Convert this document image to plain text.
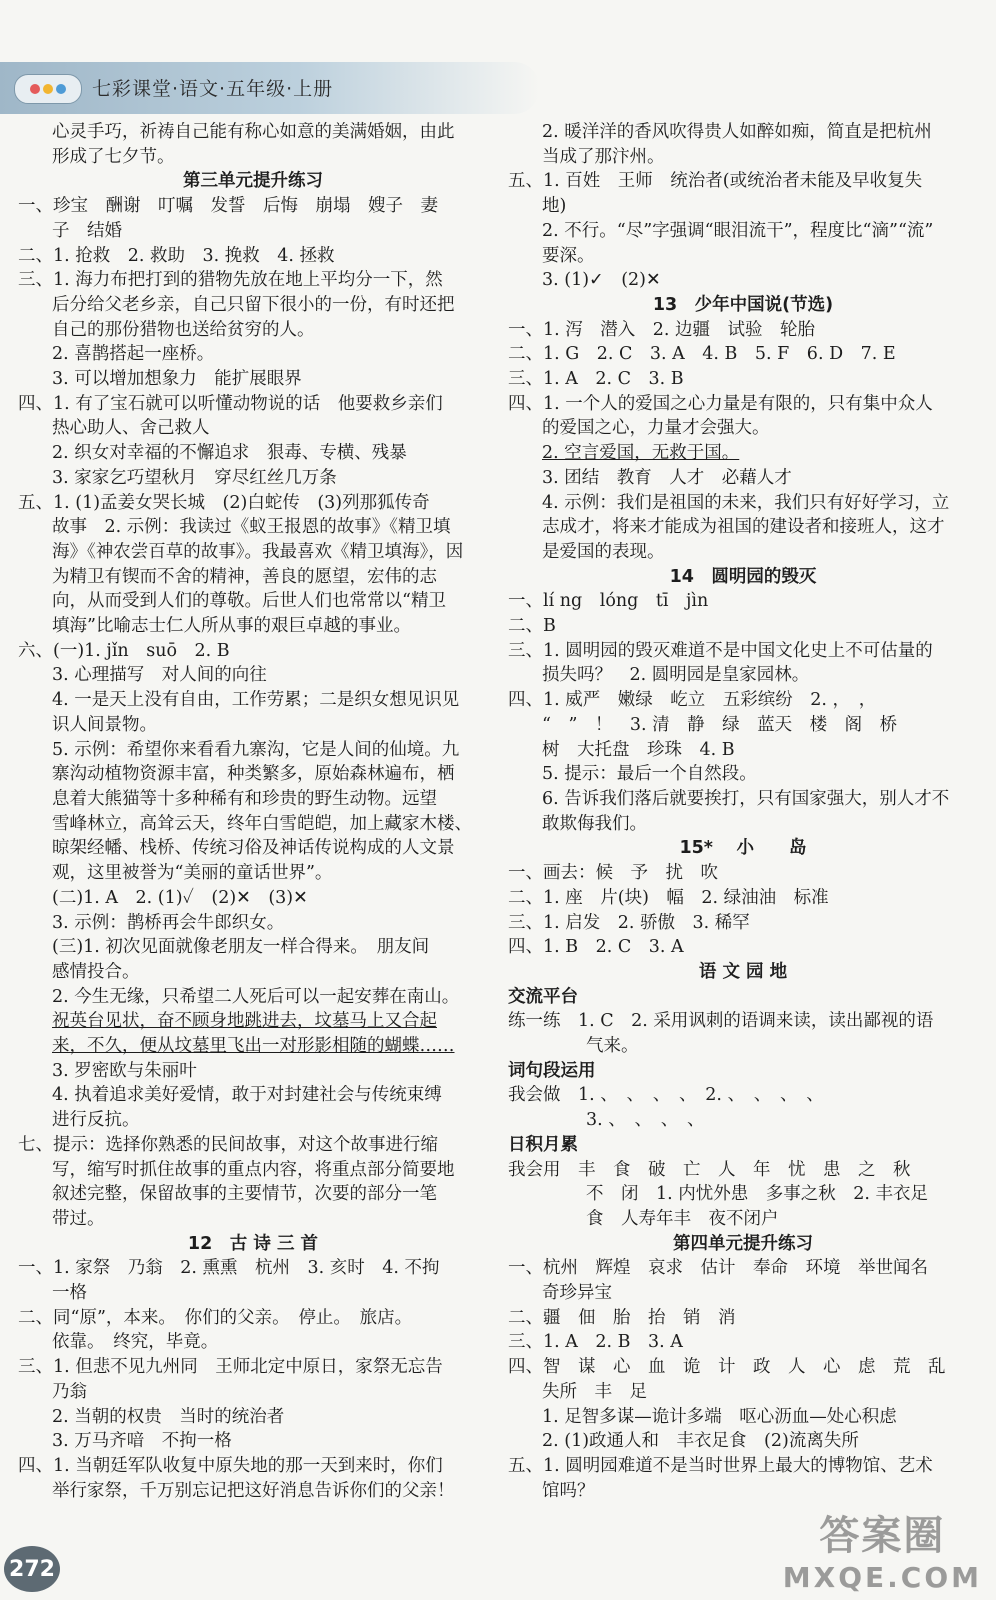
七彩课堂·语文·五年级·上册
心灵手巧，祈祷自己能有称心如意的美满婚姻，由此
形成了七夕节。
第三单元提升练习
一、珍宝　酬谢　叮嘱　发誓　后悔　崩塌　嫂子　妻
子　结婚
二、1. 抢救　2. 救助　3. 挽救　4. 拯救
三、1. 海力布把打到的猎物先放在地上平均分一下，然
后分给父老乡亲，自己只留下很小的一份，有时还把
自己的那份猎物也送给贫穷的人。
2. 喜鹊搭起一座桥。
3. 可以增加想象力　能扩展眼界
四、1. 有了宝石就可以听懂动物说的话　他要救乡亲们
热心助人、舍己救人
2. 织女对幸福的不懈追求　狠毒、专横、残暴
3. 家家乞巧望秋月　穿尽红丝几万条
五、1. (1)孟姜女哭长城　(2)白蛇传　(3)列那狐传奇
故事　2. 示例：我读过《蚁王报恩的故事》《精卫填
海》《神农尝百草的故事》。我最喜欢《精卫填海》，因
为精卫有锲而不舍的精神，善良的愿望，宏伟的志
向，从而受到人们的尊敬。后世人们也常常以“精卫
填海”比喻志士仁人所从事的艰巨卓越的事业。
六、(一)1. jǐn　suō　2. B
3. 心理描写　对人间的向往
4. 一是天上没有自由，工作劳累；二是织女想见识见
识人间景物。
5. 示例：希望你来看看九寨沟，它是人间的仙境。九
寨沟动植物资源丰富，种类繁多，原始森林遍布，栖
息着大熊猫等十多种稀有和珍贵的野生动物。远望
雪峰林立，高耸云天，终年白雪皑皑，加上藏家木楼、
晾架经幡、栈桥、传统习俗及神话传说构成的人文景
观，这里被誉为“美丽的童话世界”。
(二)1. A　2. (1)✓　(2)✕　(3)✕
3. 示例：鹊桥再会牛郎织女。
(三)1. 初次见面就像老朋友一样合得来。　朋友间
感情投合。
2. 今生无缘，只希望二人死后可以一起安葬在南山。
祝英台见状，奋不顾身地跳进去，坟墓马上又合起
来，不久，便从坟墓里飞出一对形影相随的蝴蝶……
3. 罗密欧与朱丽叶
4. 执着追求美好爱情，敢于对封建社会与传统束缚
进行反抗。
七、提示：选择你熟悉的民间故事，对这个故事进行缩
写，缩写时抓住故事的重点内容，将重点部分简要地
叙述完整，保留故事的主要情节，次要的部分一笔
带过。
12　古 诗 三 首
一、1. 家祭　乃翁　2. 熏熏　杭州　3. 亥时　4. 不拘
一格
二、同“原”，本来。　你们的父亲。　停止。　旅店。
依靠。　终究，毕竟。
三、1. 但悲不见九州同　王师北定中原日，家祭无忘告
乃翁
2. 当朝的权贵　当时的统治者
3. 万马齐喑　不拘一格
四、1. 当朝廷军队收复中原失地的那一天到来时，你们
举行家祭，千万别忘记把这好消息告诉你们的父亲！
2. 暖洋洋的香风吹得贵人如醉如痴，简直是把杭州
当成了那汴州。
五、1. 百姓　王师　统治者(或统治者未能及早收复失
地)
2. 不行。“尽”字强调“眼泪流干”，程度比“滴”“流”
要深。
3. (1)✓　(2)✕
13　少年中国说(节选)
一、1. 泻　潜入　2. 边疆　试验　轮胎
二、1. G　2. C　3. A　4. B　5. F　6. D　7. E
三、1. A　2. C　3. B
四、1. 一个人的爱国之心力量是有限的，只有集中众人
的爱国之心，力量才会强大。
2. 空言爱国，无救于国。
3. 团结　教育　人才　必藉人才
4. 示例：我们是祖国的未来，我们只有好好学习，立
志成才，将来才能成为祖国的建设者和接班人，这才
是爱国的表现。
14　圆明园的毁灭
一、lí ng　lóng　tī　jìn
二、B
三、1. 圆明园的毁灭难道不是中国文化史上不可估量的
损失吗？　2. 圆明园是皇家园林。
四、1. 威严　嫩绿　屹立　五彩缤纷　2. ，　，
“　”　！　3. 清　静　绿　蓝天　楼　阁　桥
树　大托盘　珍珠　4. B
5. 提示：最后一个自然段。
6. 告诉我们落后就要挨打，只有国家强大，别人才不
敢欺侮我们。
15* 　小　　岛
一、画去：候　予　扰　吹
二、1. 座　片(块)　幅　2. 绿油油　标准
三、1. 启发　2. 骄傲　3. 稀罕
四、1. B　2. C　3. A
语 文 园 地
交流平台
练一练　1. C　2. 采用讽刺的语调来读，读出鄙视的语
气来。
词句段运用
我会做　1. 、　、　、　、　2. 、　、　、　、
3. 、　、　、　、
日积月累
我会用　丰　食　破　亡　人　年　忧　患　之　秋
不　闭　1. 内忧外患　多事之秋　2. 丰衣足
食　人寿年丰　夜不闭户
第四单元提升练习
一、杭州　辉煌　哀求　估计　奉命　环境　举世闻名
奇珍异宝
二、疆　佃　胎　抬　销　消
三、1. A　2. B　3. A
四、智　谋　心　血　诡　计　政　人　心　虑　荒　乱
失所　丰　足
1. 足智多谋—诡计多端　呕心沥血—处心积虑
2. (1)政通人和　丰衣足食　(2)流离失所
五、1. 圆明园难道不是当时世界上最大的博物馆、艺术
馆吗？
272
答案圈
MXQE.COM
